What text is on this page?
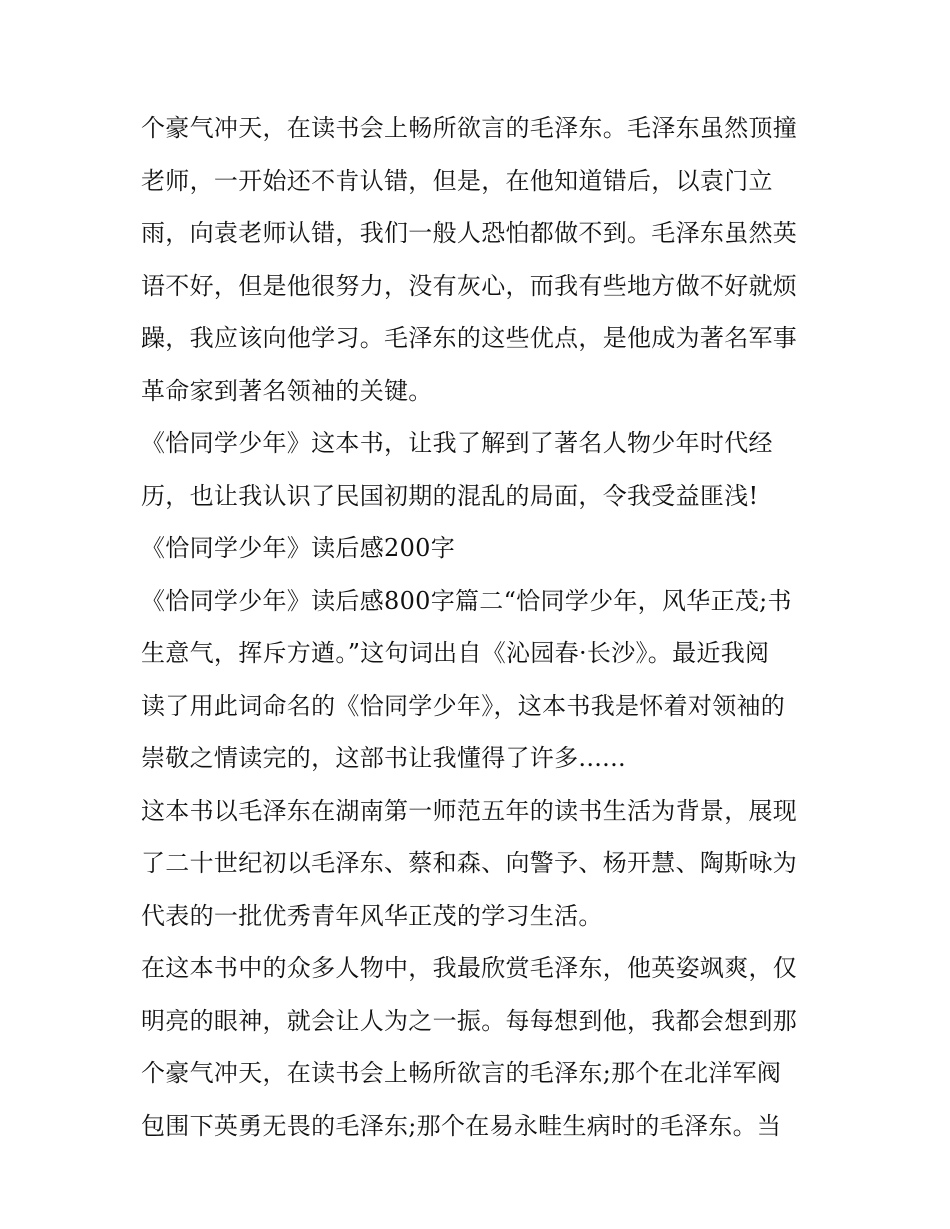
个豪气冲天，在读书会上畅所欲言的毛泽东。毛泽东虽然顶撞
老师，一开始还不肯认错，但是，在他知道错后，以袁门立
雨，向袁老师认错，我们一般人恐怕都做不到。毛泽东虽然英
语不好，但是他很努力，没有灰心，而我有些地方做不好就烦
躁，我应该向他学习。毛泽东的这些优点，是他成为著名军事
革命家到著名领袖的关键。
《恰同学少年》这本书，让我了解到了著名人物少年时代经
历，也让我认识了民国初期的混乱的局面，令我受益匪浅!
《恰同学少年》读后感200字
《恰同学少年》读后感800字篇二“恰同学少年，风华正茂;书
生意气，挥斥方遒。”这句词出自《沁园春·长沙》。最近我阅
读了用此词命名的《恰同学少年》，这本书我是怀着对领袖的
崇敬之情读完的，这部书让我懂得了许多......
这本书以毛泽东在湖南第一师范五年的读书生活为背景，展现
了二十世纪初以毛泽东、蔡和森、向警予、杨开慧、陶斯咏为
代表的一批优秀青年风华正茂的学习生活。
在这本书中的众多人物中，我最欣赏毛泽东，他英姿飒爽，仅
明亮的眼神，就会让人为之一振。每每想到他，我都会想到那
个豪气冲天，在读书会上畅所欲言的毛泽东;那个在北洋军阀
包围下英勇无畏的毛泽东;那个在易永畦生病时的毛泽东。当
